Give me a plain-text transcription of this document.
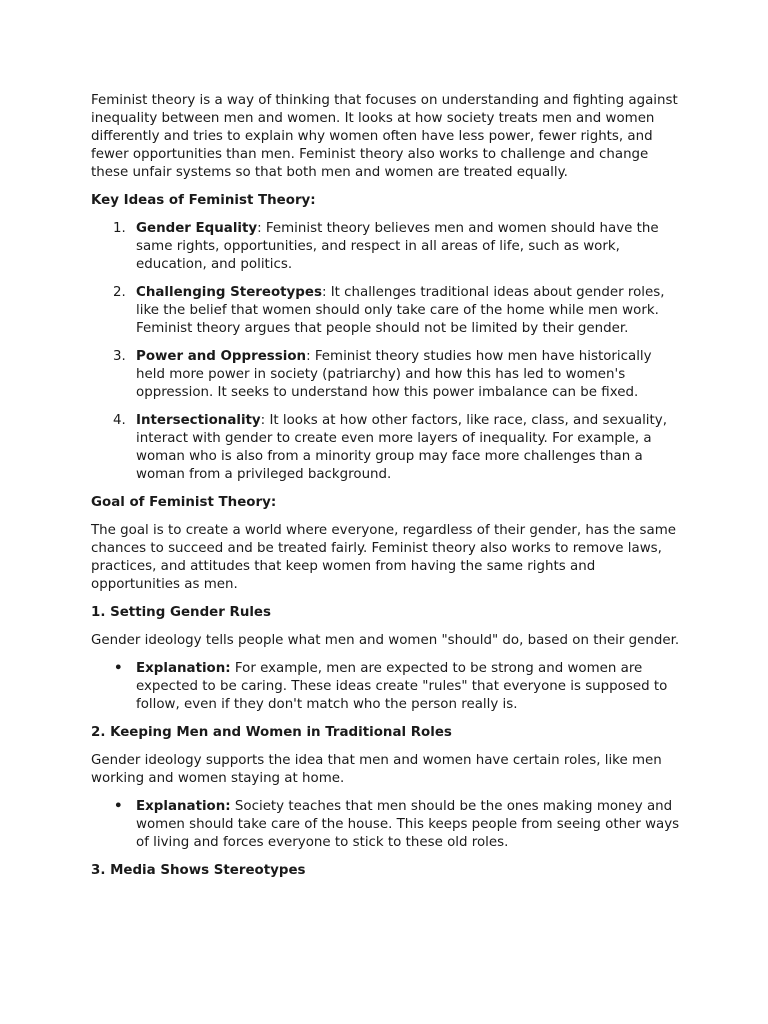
Feminist theory is a way of thinking that focuses on understanding and fighting against inequality between men and women. It looks at how society treats men and women differently and tries to explain why women often have less power, fewer rights, and fewer opportunities than men. Feminist theory also works to challenge and change these unfair systems so that both men and women are treated equally.

Key Ideas of Feminist Theory:
1. Gender Equality: Feminist theory believes men and women should have the same rights, opportunities, and respect in all areas of life, such as work, education, and politics.
2. Challenging Stereotypes: It challenges traditional ideas about gender roles, like the belief that women should only take care of the home while men work. Feminist theory argues that people should not be limited by their gender.
3. Power and Oppression: Feminist theory studies how men have historically held more power in society (patriarchy) and how this has led to women's oppression. It seeks to understand how this power imbalance can be fixed.
4. Intersectionality: It looks at how other factors, like race, class, and sexuality, interact with gender to create even more layers of inequality. For example, a woman who is also from a minority group may face more challenges than a woman from a privileged background.
Goal of Feminist Theory:

The goal is to create a world where everyone, regardless of their gender, has the same chances to succeed and be treated fairly. Feminist theory also works to remove laws, practices, and attitudes that keep women from having the same rights and opportunities as men.

1. Setting Gender Rules

Gender ideology tells people what men and women "should" do, based on their gender.

• Explanation: For example, men are expected to be strong and women are expected to be caring. These ideas create "rules" that everyone is supposed to follow, even if they don't match who the person really is.
2. Keeping Men and Women in Traditional Roles

Gender ideology supports the idea that men and women have certain roles, like men working and women staying at home.

• Explanation: Society teaches that men should be the ones making money and women should take care of the house. This keeps people from seeing other ways of living and forces everyone to stick to these old roles.
3. Media Shows Stereotypes
